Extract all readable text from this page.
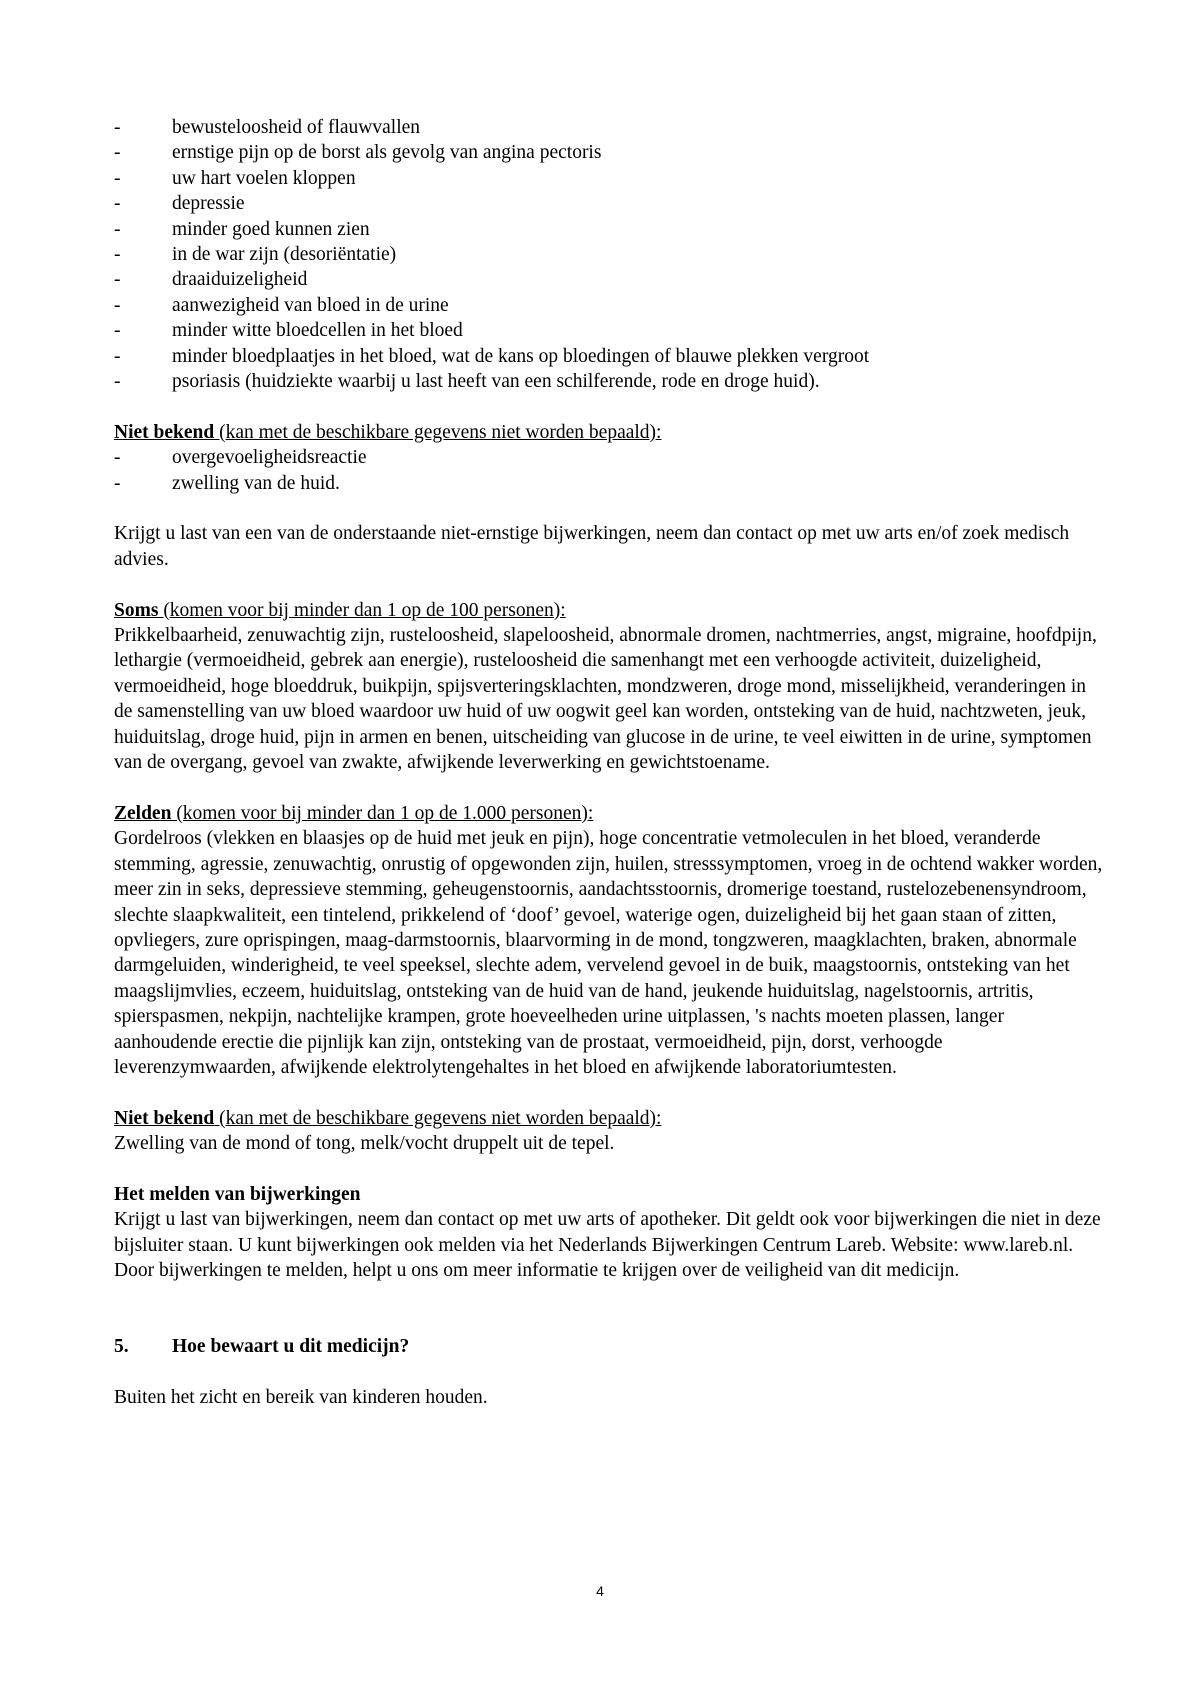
-	bewusteloosheid of flauwvallen
-	ernstige pijn op de borst als gevolg van angina pectoris
-	uw hart voelen kloppen
-	depressie
-	minder goed kunnen zien
-	in de war zijn (desoriëntatie)
-	draaiduizeligheid
-	aanwezigheid van bloed in de urine
-	minder witte bloedcellen in het bloed
-	minder bloedplaatjes in het bloed, wat de kans op bloedingen of blauwe plekken vergroot
-	psoriasis (huidziekte waarbij u last heeft van een schilferende, rode en droge huid).

Niet bekend (kan met de beschikbare gegevens niet worden bepaald):

-	overgevoeligheidsreactie
-	zwelling van de huid.

Krijgt u last van een van de onderstaande niet-ernstige bijwerkingen, neem dan contact op met uw arts en/of zoek medisch advies.

Soms (komen voor bij minder dan 1 op de 100 personen):

Prikkelbaarheid, zenuwachtig zijn, rusteloosheid, slapeloosheid, abnormale dromen, nachtmerries, angst, migraine, hoofdpijn, lethargie (vermoeidheid, gebrek aan energie), rusteloosheid die samenhangt met een verhoogde activiteit, duizeligheid, vermoeidheid, hoge bloeddruk, buikpijn, spijsverteringsklachten, mondzweren, droge mond, misselijkheid, veranderingen in de samenstelling van uw bloed waardoor uw huid of uw oogwit geel kan worden, ontsteking van de huid, nachtzweten, jeuk, huiduitslag, droge huid, pijn in armen en benen, uitscheiding van glucose in de urine, te veel eiwitten in de urine, symptomen van de overgang, gevoel van zwakte, afwijkende leverwerking en gewichtstoename.

Zelden (komen voor bij minder dan 1 op de 1.000 personen):

Gordelroos (vlekken en blaasjes op de huid met jeuk en pijn), hoge concentratie vetmoleculen in het bloed, veranderde stemming, agressie, zenuwachtig, onrustig of opgewonden zijn, huilen, stresssymptomen, vroeg in de ochtend wakker worden, meer zin in seks, depressieve stemming, geheugenstoornis, aandachtsstoornis, dromerige toestand, rustelozebenensyndroom, slechte slaapkwaliteit, een tintelend, prikkelend of ‘doof’ gevoel, waterige ogen, duizeligheid bij het gaan staan of zitten, opvliegers, zure oprispingen, maag-darmstoornis, blaarvorming in de mond, tongzweren, maagklachten, braken, abnormale darmgeluiden, winderigheid, te veel speeksel, slechte adem, vervelend gevoel in de buik, maagstoornis, ontsteking van het maagslijmvlies, eczeem, huiduitslag, ontsteking van de huid van de hand, jeukende huiduitslag, nagelstoornis, artritis, spierspasmen, nekpijn, nachtelijke krampen, grote hoeveelheden urine uitplassen, 's nachts moeten plassen, langer aanhoudende erectie die pijnlijk kan zijn, ontsteking van de prostaat, vermoeidheid, pijn, dorst, verhoogde leverenzymwaarden, afwijkende elektrolytengehaltes in het bloed en afwijkende laboratoriumtesten.

Niet bekend (kan met de beschikbare gegevens niet worden bepaald):

Zwelling van de mond of tong, melk/vocht druppelt uit de tepel.

Het melden van bijwerkingen

Krijgt u last van bijwerkingen, neem dan contact op met uw arts of apotheker. Dit geldt ook voor bijwerkingen die niet in deze bijsluiter staan. U kunt bijwerkingen ook melden via het Nederlands Bijwerkingen Centrum Lareb. Website: www.lareb.nl. Door bijwerkingen te melden, helpt u ons om meer informatie te krijgen over de veiligheid van dit medicijn.

5. Hoe bewaart u dit medicijn?

Buiten het zicht en bereik van kinderen houden.

4
